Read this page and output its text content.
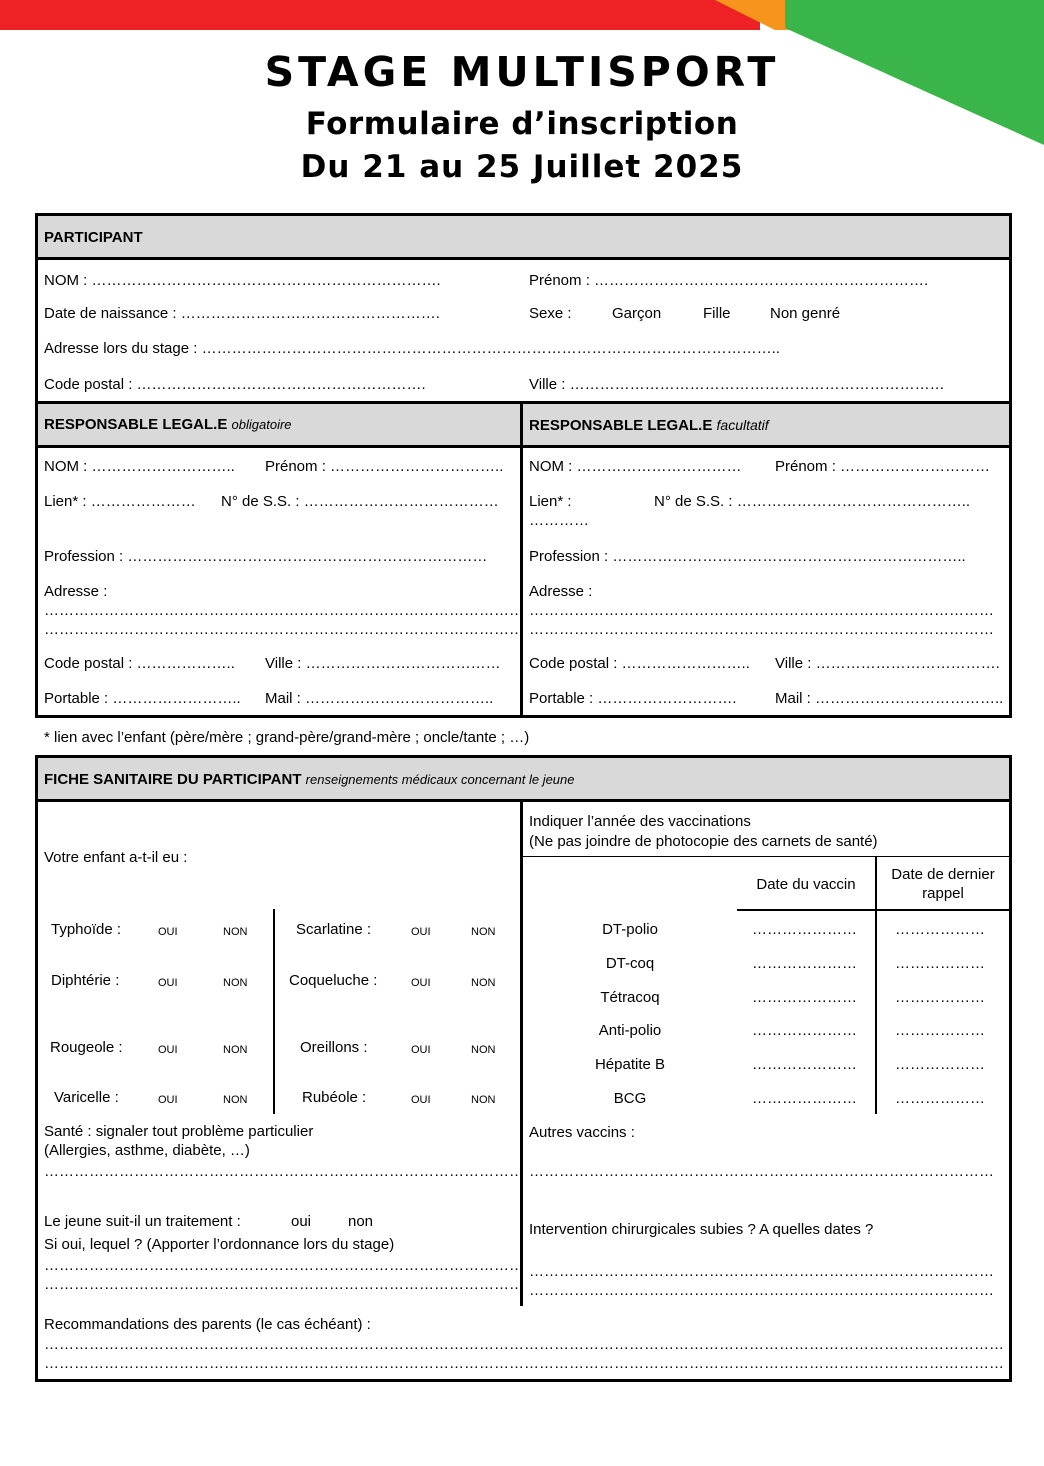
STAGE MULTISPORT
Formulaire d’inscription
Du 21 au 25 Juillet 2025
PARTICIPANT
NOM : …………………………………………………………….	Prénom : ………………………………………………………….
Date de naissance : …………………………………………….	Sexe :	Garçon	Fille	Non genré
Adresse lors du stage : ……………………………………………………………………………………………………..
Code postal : ………………………………………………….	Ville : …………………………………………………………………
RESPONSABLE LEGAL.E obligatoire	RESPONSABLE LEGAL.E facultatif
NOM : ……………………….. Prénom : ……………………………..
Lien* : ………………… N° de S.S. : …………………………………
Profession : ………………………………………………………………
Adresse :
……………………………………………………………………………………
……………………………………………………………………………………
Code postal : ……………….. Ville : …………………………………
Portable : …………………….. Mail : ………………………………..
NOM : …………………………… Prénom : …………………………
Lien* :	N° de S.S. : ………………………………………..
…………
Profession : ……………………………………………………………..
Adresse :
…………………………………………………………………………………
…………………………………………………………………………………
Code postal : …………………….. Ville : ……………………………….
Portable : ……………………….	Mail : ………………………………..
* lien avec l’enfant (père/mère ; grand-père/grand-mère ; oncle/tante ; …)
FICHE SANITAIRE DU PARTICIPANT renseignements médicaux concernant le jeune
Votre enfant a-t-il eu :
Typhoïde :	OUI	NON	Scarlatine :	OUI	NON
Diphtérie :	OUI	NON	Coqueluche :	OUI	NON
Rougeole :	OUI	NON	Oreillons :	OUI	NON
Varicelle :	OUI	NON	Rubéole :	OUI	NON
Indiquer l’année des vaccinations
(Ne pas joindre de photocopie des carnets de santé)
Date du vaccin
Date de dernier
rappel
DT-polio	…………………	………………
DT-coq	…………………	………………
Tétracoq	…………………	………………
Anti-polio	…………………	………………
Hépatite B	…………………	………………
BCG	…………………	………………
Santé : signaler tout problème particulier
(Allergies, asthme, diabète, …)
……………………………………………………………………………………
Autres vaccins :
…………………………………………………………………………………
Le jeune suit-il un traitement :	oui non
Si oui, lequel ? (Apporter l’ordonnance lors du stage)
……………………………………………………………………………………
……………………………………………………………………………………
Intervention chirurgicales subies ? A quelles dates ?
…………………………………………………………………………………
…………………………………………………………………………………
Recommandations des parents (le cas échéant) :
…………………………………………………………………………………………………………………………………………………………………………
…………………………………………………………………………………………………………………………………………………………………………
